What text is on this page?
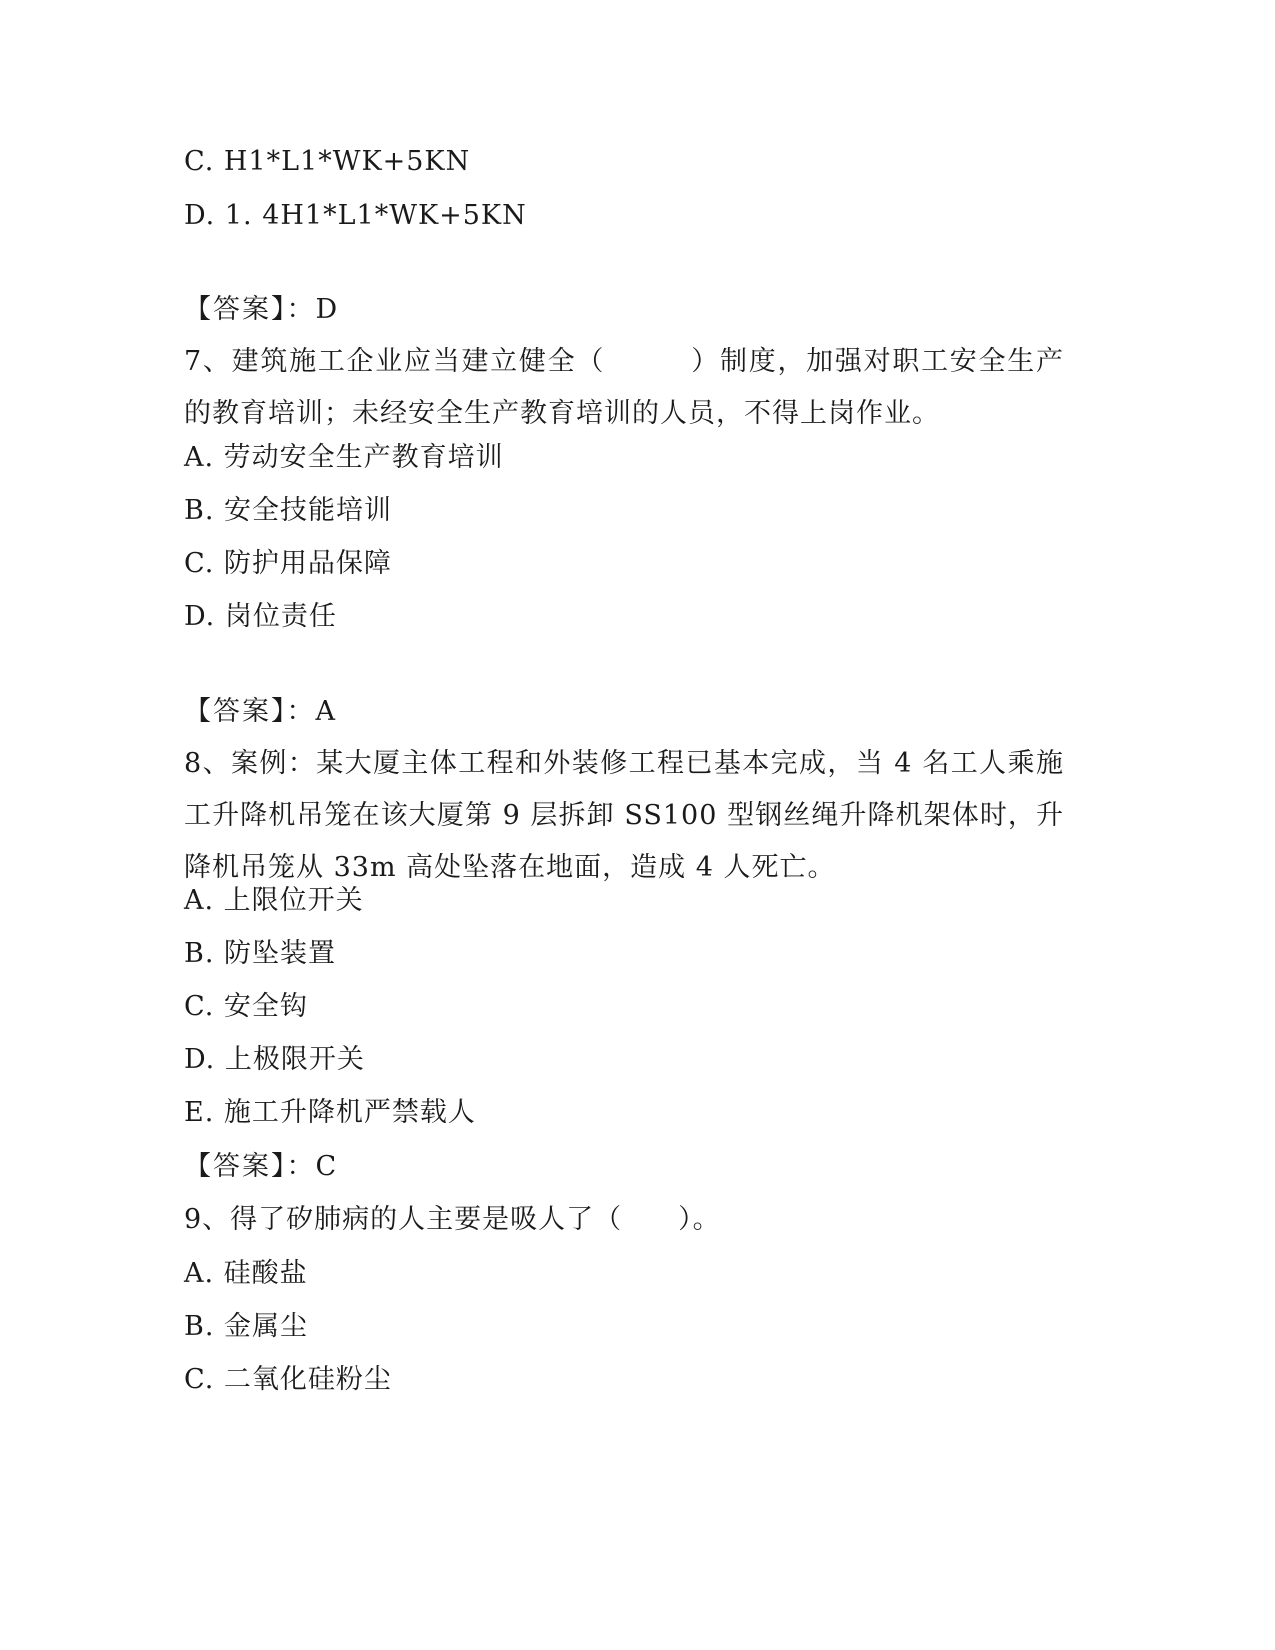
C. H1*L1*WK+5KN
D. 1. 4H1*L1*WK+5KN
【答案】：D
7、建筑施工企业应当建立健全（　　　）制度，加强对职工安全生产的教育培训；未经安全生产教育培训的人员，不得上岗作业。
A. 劳动安全生产教育培训
B. 安全技能培训
C. 防护用品保障
D. 岗位责任
【答案】：A
8、案例：某大厦主体工程和外装修工程已基本完成，当 4 名工人乘施工升降机吊笼在该大厦第 9 层拆卸 SS100 型钢丝绳升降机架体时，升降机吊笼从 33m 高处坠落在地面，造成 4 人死亡。
A. 上限位开关
B. 防坠装置
C. 安全钩
D. 上极限开关
E. 施工升降机严禁载人
【答案】：C
9、得了矽肺病的人主要是吸人了（　　）。
A. 硅酸盐
B. 金属尘
C. 二氧化硅粉尘
